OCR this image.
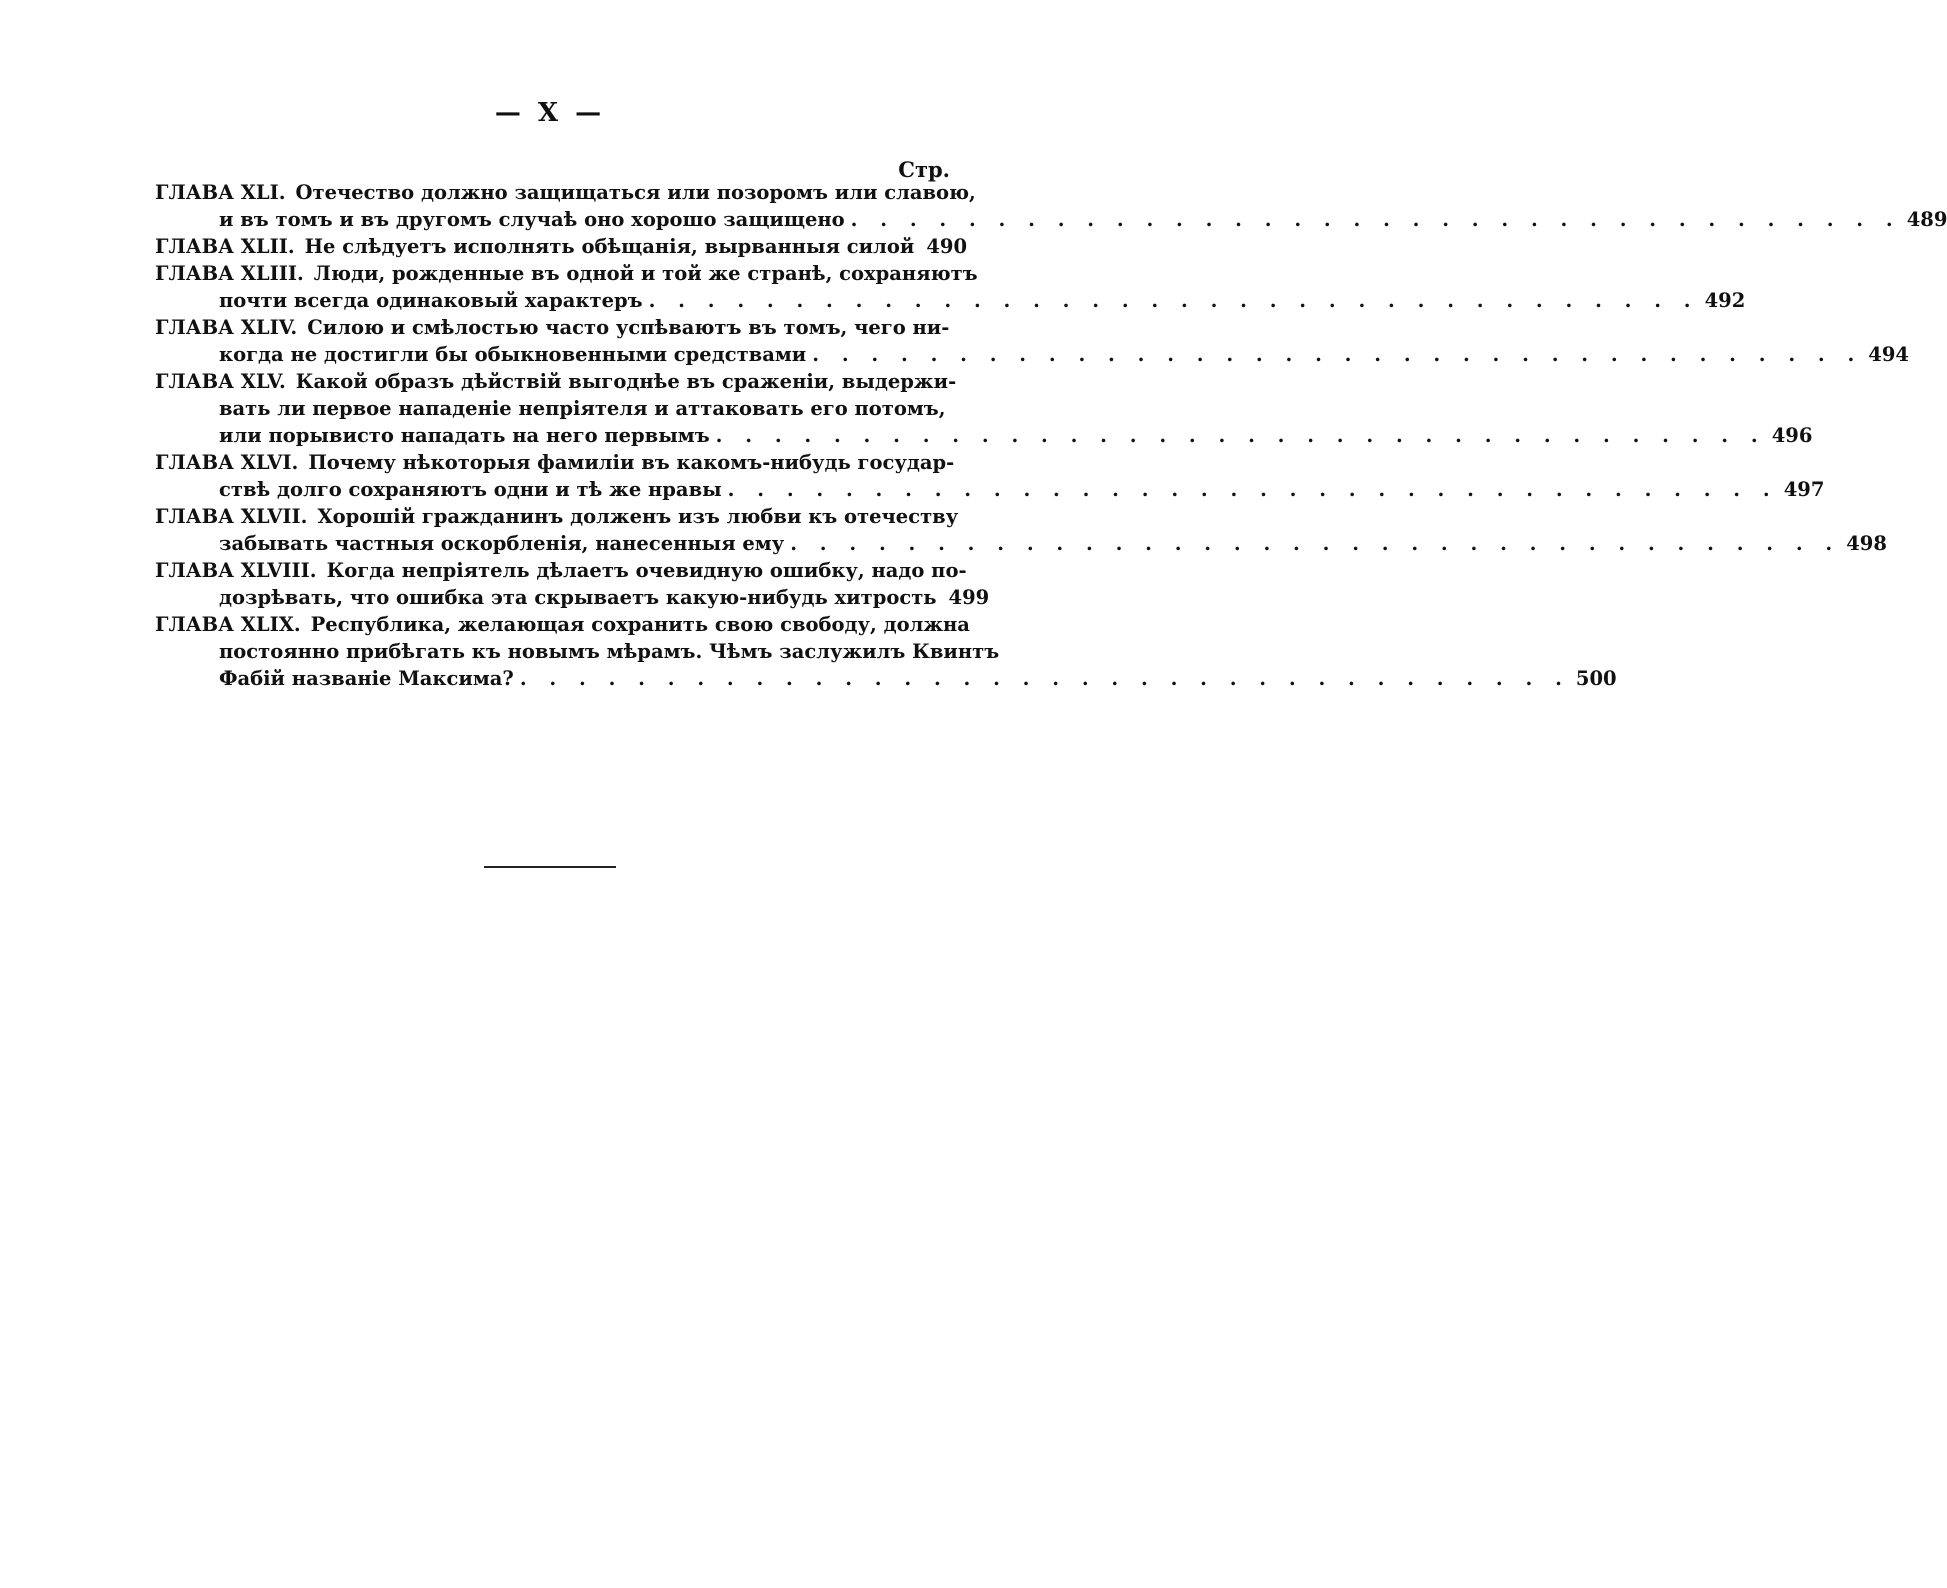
— X —
Стр.
ГЛАВА XLI. Отечество должно защищаться или позоромъ или славою,
и въ томъ и въ другомъ случаѣ оно хорошо защищено . . . . . . . . . . . . . . . . . . . . . . . . . . . . . . . . . . . . 489
ГЛАВА XLII. Не слѣдуетъ исполнять обѣщанія, вырванныя силой 490
ГЛАВА XLIII. Люди, рожденные въ одной и той же странѣ, сохраняютъ
почти всегда одинаковый характеръ . . . . . . . . . . . . . . . . . . . . . . . . . . . . . . . . . . . . 492
ГЛАВА XLIV. Силою и смѣлостью часто успѣваютъ въ томъ, чего ни-
когда не достигли бы обыкновенными средствами . . . . . . . . . . . . . . . . . . . . . . . . . . . . . . . . . . . . 494
ГЛАВА XLV. Какой образъ дѣйствій выгоднѣе въ сраженіи, выдержи-
вать ли первое нападеніе непріятеля и аттаковать его потомъ,
или порывисто нападать на него первымъ . . . . . . . . . . . . . . . . . . . . . . . . . . . . . . . . . . . . 496
ГЛАВА XLVI. Почему нѣкоторыя фамиліи въ какомъ-нибудь государ-
ствѣ долго сохраняютъ одни и тѣ же нравы . . . . . . . . . . . . . . . . . . . . . . . . . . . . . . . . . . . . 497
ГЛАВА XLVII. Хорошій гражданинъ долженъ изъ любви къ отечеству
забывать частныя оскорбленія, нанесенныя ему . . . . . . . . . . . . . . . . . . . . . . . . . . . . . . . . . . . . 498
ГЛАВА XLVIII. Когда непріятель дѣлаетъ очевидную ошибку, надо по-
дозрѣвать, что ошибка эта скрываетъ какую-нибудь хитрость 499
ГЛАВА XLIX. Республика, желающая сохранить свою свободу, должна
постоянно прибѣгать къ новымъ мѣрамъ. Чѣмъ заслужилъ Квинтъ
Фабій названіе Максима? . . . . . . . . . . . . . . . . . . . . . . . . . . . . . . . . . . . . 500
